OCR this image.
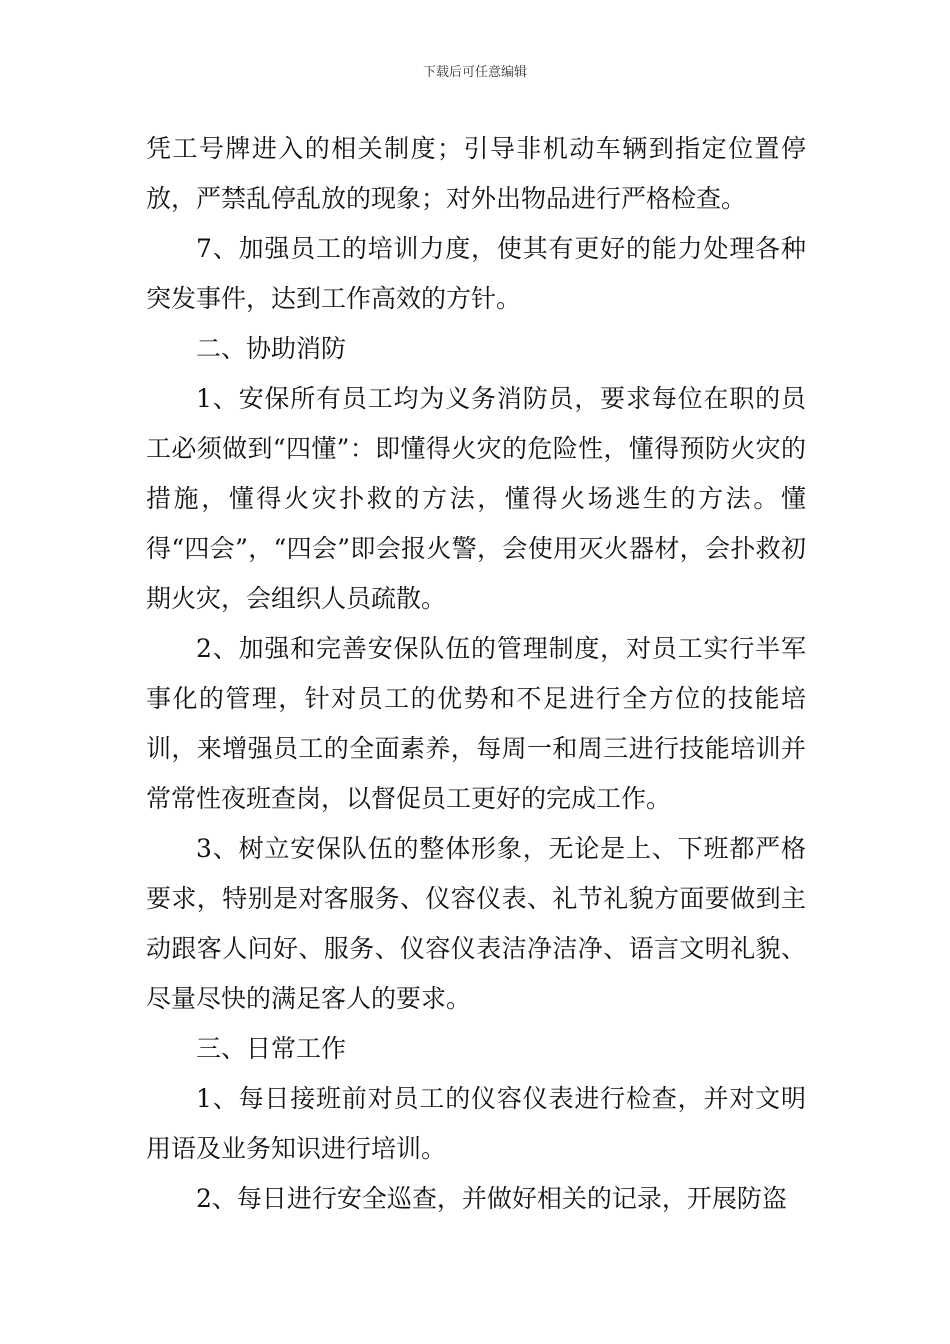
下载后可任意编辑

凭工号牌进入的相关制度；引导非机动车辆到指定位置停放，严禁乱停乱放的现象；对外出物品进行严格检查。

7、加强员工的培训力度，使其有更好的能力处理各种突发事件，达到工作高效的方针。

二、协助消防

1、安保所有员工均为义务消防员，要求每位在职的员工必须做到“四懂”：即懂得火灾的危险性，懂得预防火灾的措施，懂得火灾扑救的方法，懂得火场逃生的方法。懂得“四会”，“四会”即会报火警，会使用灭火器材，会扑救初期火灾，会组织人员疏散。

2、加强和完善安保队伍的管理制度，对员工实行半军事化的管理，针对员工的优势和不足进行全方位的技能培训，来增强员工的全面素养，每周一和周三进行技能培训并常常性夜班查岗，以督促员工更好的完成工作。

3、树立安保队伍的整体形象，无论是上、下班都严格要求，特别是对客服务、仪容仪表、礼节礼貌方面要做到主动跟客人问好、服务、仪容仪表洁净洁净、语言文明礼貌、尽量尽快的满足客人的要求。

三、日常工作

1、每日接班前对员工的仪容仪表进行检查，并对文明用语及业务知识进行培训。

2、每日进行安全巡查，并做好相关的记录，开展防盗
